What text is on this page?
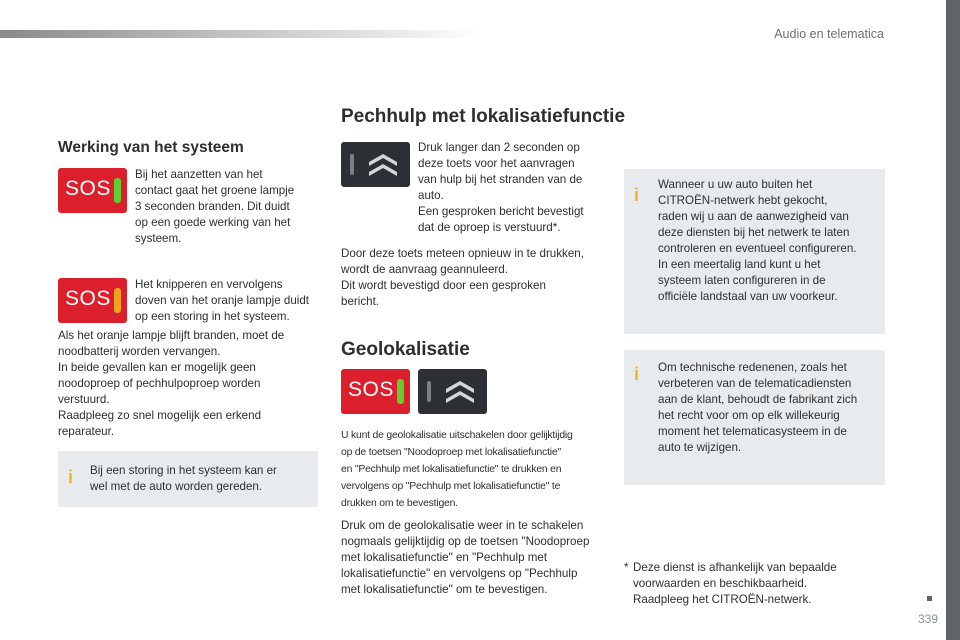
Audio en telematica
339
Werking van het systeem
SOS
Bij het aanzetten van het
contact gaat het groene lampje
3 seconden branden. Dit duidt
op een goede werking van het
systeem.
SOS
Het knipperen en vervolgens
doven van het oranje lampje duidt
op een storing in het systeem.
Als het oranje lampje blijft branden, moet de
noodbatterij worden vervangen.
In beide gevallen kan er mogelijk geen
noodoproep of pechhulpoproep worden
verstuurd.
Raadpleeg zo snel mogelijk een erkend
reparateur.
i Bij een storing in het systeem kan er
wel met de auto worden gereden.
Pechhulp met lokalisatiefunctie
Druk langer dan 2 seconden op
deze toets voor het aanvragen
van hulp bij het stranden van de
auto.
Een gesproken bericht bevestigt
dat de oproep is verstuurd*.
Door deze toets meteen opnieuw in te drukken,
wordt de aanvraag geannuleerd.
Dit wordt bevestigd door een gesproken
bericht.
Geolokalisatie
SOS
U kunt de geolokalisatie uitschakelen door gelijktijdig
op de toetsen "Noodoproep met lokalisatiefunctie"
en "Pechhulp met lokalisatiefunctie" te drukken en
vervolgens op "Pechhulp met lokalisatiefunctie" te
drukken om te bevestigen.
Druk om de geolokalisatie weer in te schakelen
nogmaals gelijktijdig op de toetsen "Noodoproep
met lokalisatiefunctie" en "Pechhulp met
lokalisatiefunctie" en vervolgens op "Pechhulp
met lokalisatiefunctie" om te bevestigen.
i
Wanneer u uw auto buiten het
CITROËN-netwerk hebt gekocht,
raden wij u aan de aanwezigheid van
deze diensten bij het netwerk te laten
controleren en eventueel configureren.
In een meertalig land kunt u het
systeem laten configureren in de
officiële landstaal van uw voorkeur.
i Om technische redenenen, zoals het
verbeteren van de telematicadiensten
aan de klant, behoudt de fabrikant zich
het recht voor om op elk willekeurig
moment het telematicasysteem in de
auto te wijzigen.
* Deze dienst is afhankelijk van bepaalde
voorwaarden en beschikbaarheid.
Raadpleeg het CITROËN-netwerk.
